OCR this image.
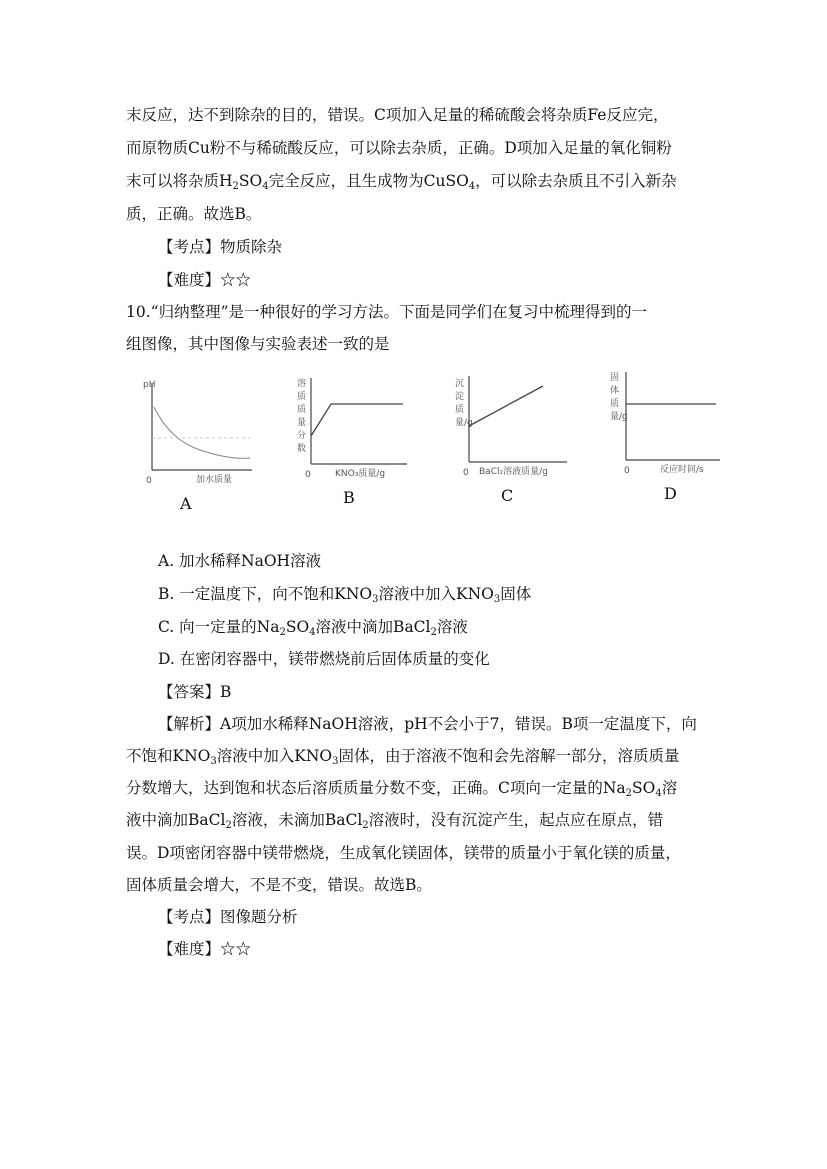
末反应，达不到除杂的目的，错误。C项加入足量的稀硫酸会将杂质Fe反应完，
而原物质Cu粉不与稀硫酸反应，可以除去杂质，正确。D项加入足量的氧化铜粉
末可以将杂质$H_2SO_4$完全反应，且生成物为CuSO$_4$，可以除去杂质且不引入新杂
质，正确。故选B。
【考点】物质除杂
【难度】☆☆
10.“归纳整理”是一种很好的学习方法。下面是同学们在复习中梳理得到的一
组图像，其中图像与实验表述一致的是
pH
加水质量
0
A
溶质质量分数
KNO₃质量/g
0
B
沉淀质量/g
BaCl₂溶液质量/g
0
C
固体质量/g
反应时间/s
0
D
A. 加水稀释NaOH溶液
B. 一定温度下，向不饱和$KNO_3$溶液中加入$KNO_3$固体
C. 向一定量的$Na_2SO_4$溶液中滴加BaCl$_2$溶液
D. 在密闭容器中，镁带燃烧前后固体质量的变化
【答案】B
【解析】A项加水稀释NaOH溶液，pH不会小于7，错误。B项一定温度下，向
不饱和$KNO_3$溶液中加入$KNO_3$固体，由于溶液不饱和会先溶解一部分，溶质质量
分数增大，达到饱和状态后溶质质量分数不变，正确。C项向一定量的$Na_2SO_4$溶
液中滴加BaCl$_2$溶液，未滴加BaCl$_2$溶液时，没有沉淀产生，起点应在原点，错
误。D项密闭容器中镁带燃烧，生成氧化镁固体，镁带的质量小于氧化镁的质量，
固体质量会增大，不是不变，错误。故选B。
【考点】图像题分析
【难度】☆☆
